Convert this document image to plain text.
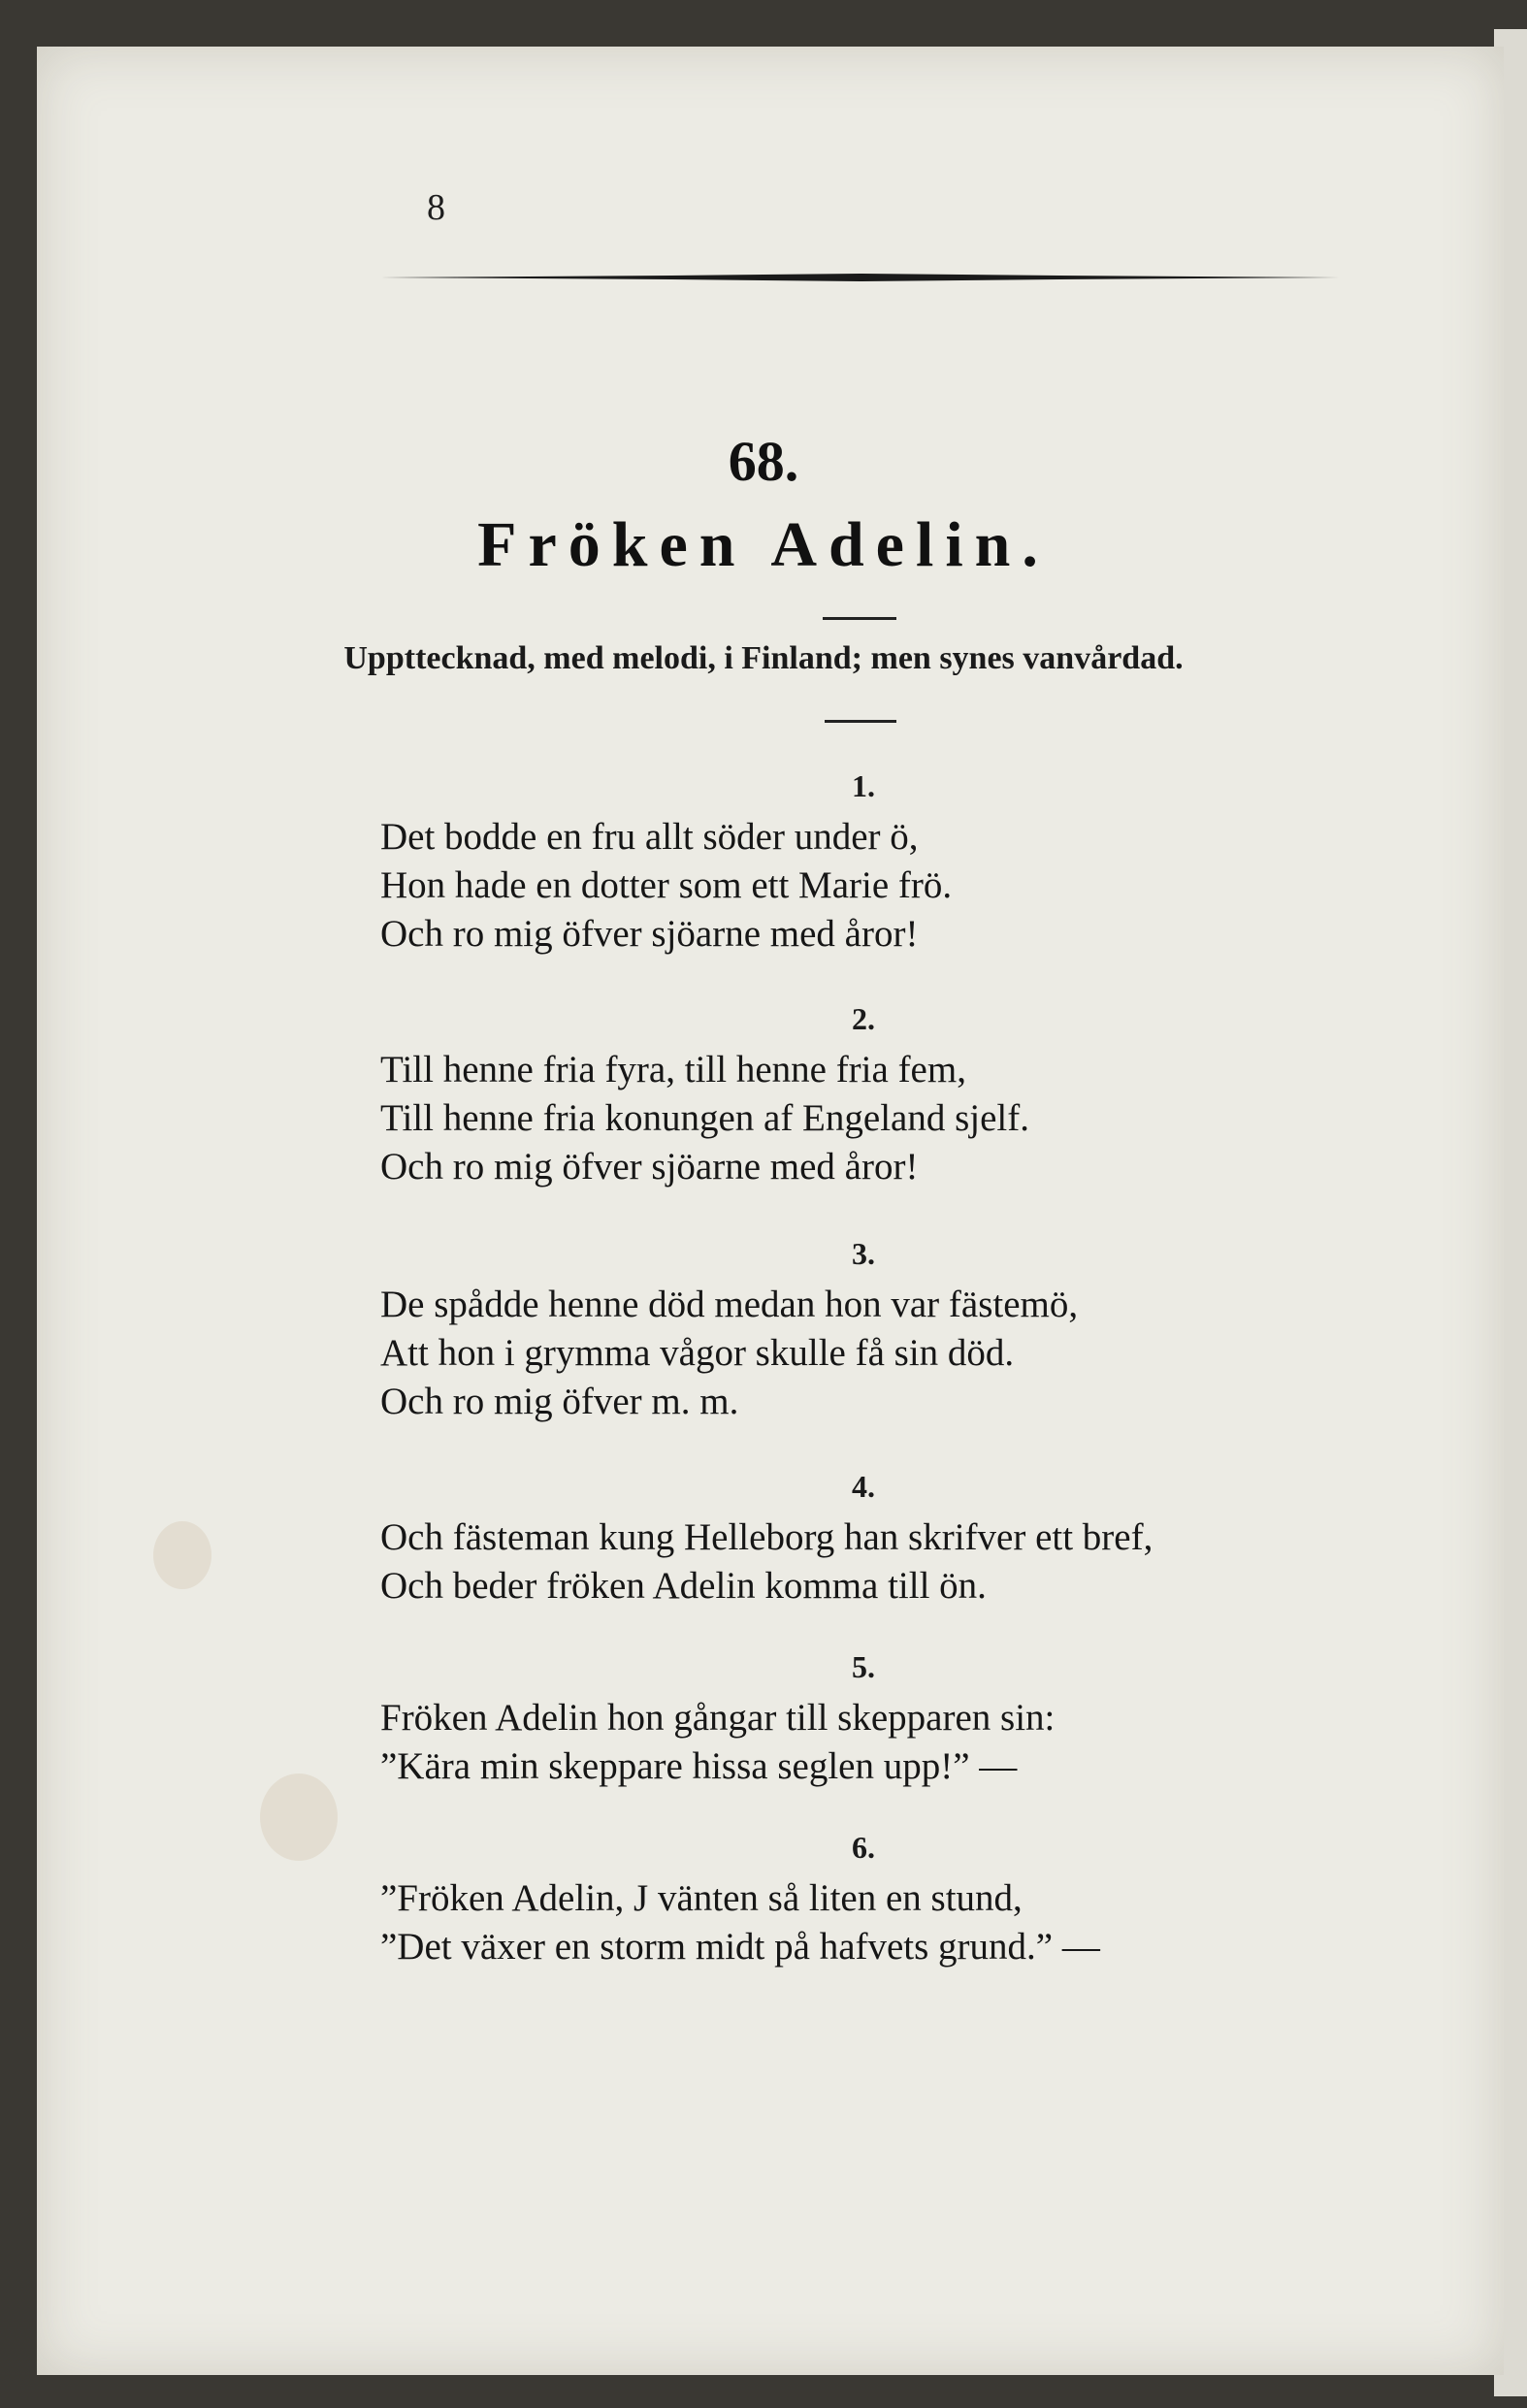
8
68.
Fröken Adelin.
Uppttecknad, med melodi, i Finland; men synes vanvårdad.
1.
Det bodde en fru allt söder under ö,
Hon hade en dotter som ett Marie frö.
Och ro mig öfver sjöarne med åror!
2.
Till henne fria fyra, till henne fria fem,
Till henne fria konungen af Engeland sjelf.
Och ro mig öfver sjöarne med åror!
3.
De spådde henne död medan hon var fästemö,
Att hon i grymma vågor skulle få sin död.
Och ro mig öfver m. m.
4.
Och fästeman kung Helleborg han skrifver ett bref,
Och beder fröken Adelin komma till ön.
5.
Fröken Adelin hon gångar till skepparen sin:
”Kära min skeppare hissa seglen upp!” —
6.
”Fröken Adelin, J vänten så liten en stund,
”Det växer en storm midt på hafvets grund.” —
